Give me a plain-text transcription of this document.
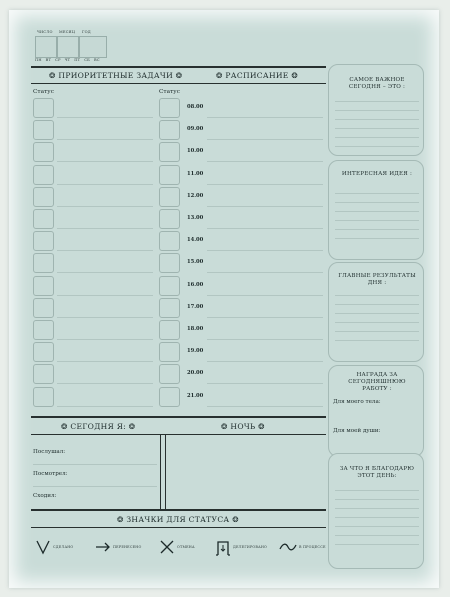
ЧИСЛО МЕСЯЦ ГОД
ПН ВТ СР ЧТ ПТ СБ ВС
❂ ПРИОРИТЕТНЫЕ ЗАДАЧИ ❂	❂ РАСПИСАНИЕ ❂
Статус	Статус
08.00
09.00
10.00
11.00
12.00
13.00
14.00
15.00
16.00
17.00
18.00
19.00
20.00
21.00
❂ СЕГОДНЯ Я: ❂	❂ НОЧЬ ❂
Послушал:
Посмотрел:
Сходил:
❂ ЗНАЧКИ ДЛЯ СТАТУСА ❂
СДЕЛАНО	ПЕРЕНЕСЕНО	ОТМЕНА	ДЕЛЕГИРОВАНО	В ПРОЦЕССЕ
САМОЕ ВАЖНОЕ СЕГОДНЯ – ЭТО :
ИНТЕРЕСНАЯ ИДЕЯ :
ГЛАВНЫЕ РЕЗУЛЬТАТЫ ДНЯ :
НАГРАДА ЗА СЕГОДНЯШНЮЮ РАБОТУ :
Для моего тела:
Для моей души:
ЗА ЧТО Я БЛАГОДАРЮ ЭТОТ ДЕНЬ:
